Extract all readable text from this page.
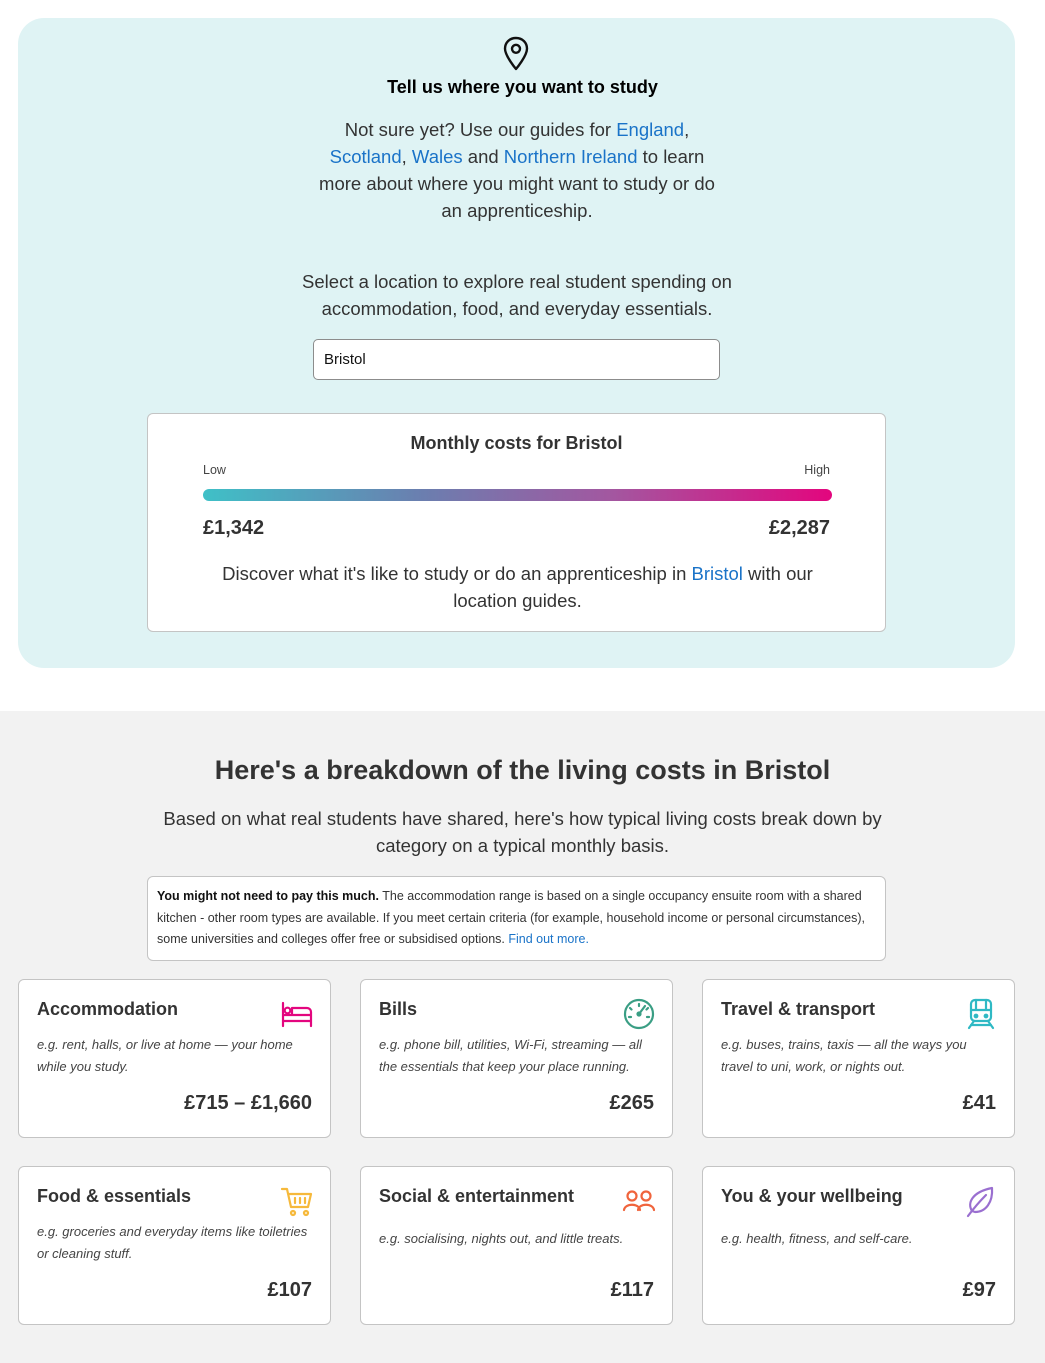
Tell us where you want to study
Not sure yet? Use our guides for England, Scotland, Wales and Northern Ireland to learn more about where you might want to study or do an apprenticeship.
Select a location to explore real student spending on accommodation, food, and everyday essentials.
Bristol
Monthly costs for Bristol
Low	High
£1,342	£2,287
Discover what it's like to study or do an apprenticeship in Bristol with our location guides.
Here's a breakdown of the living costs in Bristol
Based on what real students have shared, here's how typical living costs break down by category on a typical monthly basis.
You might not need to pay this much. The accommodation range is based on a single occupancy ensuite room with a shared kitchen - other room types are available. If you meet certain criteria (for example, household income or personal circumstances), some universities and colleges offer free or subsidised options. Find out more.
Accommodation
e.g. rent, halls, or live at home — your home while you study.
£715 – £1,660
Bills
e.g. phone bill, utilities, Wi-Fi, streaming — all the essentials that keep your place running.
£265
Travel & transport
e.g. buses, trains, taxis — all the ways you travel to uni, work, or nights out.
£41
Food & essentials
e.g. groceries and everyday items like toiletries or cleaning stuff.
£107
Social & entertainment
e.g. socialising, nights out, and little treats.
£117
You & your wellbeing
e.g. health, fitness, and self-care.
£97
